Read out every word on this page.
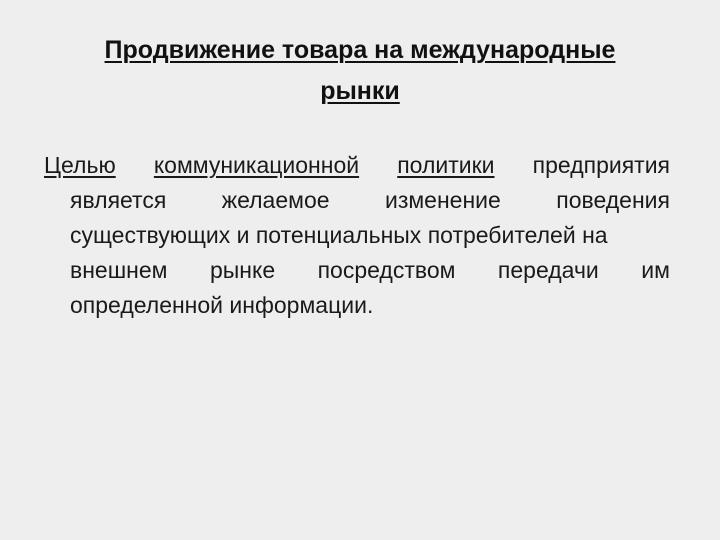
Продвижение товара на международные
рынки
Целью коммуникационной политики предприятия
является желаемое изменение поведения
существующих и потенциальных потребителей на
внешнем рынке посредством передачи им
определенной информации.
